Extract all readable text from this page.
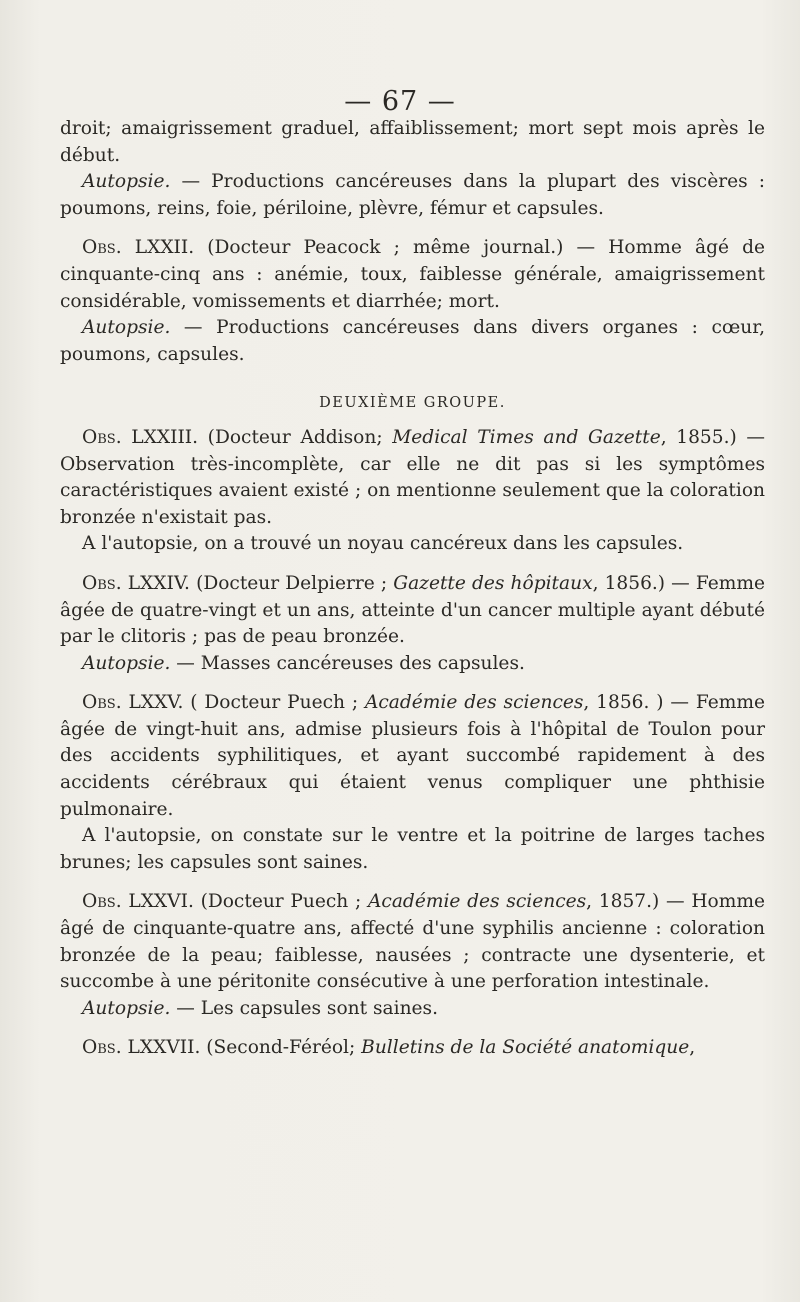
— 67 —

droit; amaigrissement graduel, affaiblissement; mort sept mois après le début.

Autopsie. — Productions cancéreuses dans la plupart des viscères : poumons, reins, foie, périloine, plèvre, fémur et capsules.

Obs. LXXII. (Docteur Peacock ; même journal.) — Homme âgé de cinquante-cinq ans : anémie, toux, faiblesse générale, amaigrissement considérable, vomissements et diarrhée; mort.

Autopsie. — Productions cancéreuses dans divers organes : cœur, poumons, capsules.

DEUXIÈME GROUPE.

Obs. LXXIII. (Docteur Addison; Medical Times and Gazette, 1855.) — Observation très-incomplète, car elle ne dit pas si les symptômes caractéristiques avaient existé ; on mentionne seulement que la coloration bronzée n'existait pas.

A l'autopsie, on a trouvé un noyau cancéreux dans les capsules.

Obs. LXXIV. (Docteur Delpierre ; Gazette des hôpitaux, 1856.) — Femme âgée de quatre-vingt et un ans, atteinte d'un cancer multiple ayant débuté par le clitoris ; pas de peau bronzée.

Autopsie. — Masses cancéreuses des capsules.

Obs. LXXV. ( Docteur Puech ; Académie des sciences, 1856. ) — Femme âgée de vingt-huit ans, admise plusieurs fois à l'hôpital de Toulon pour des accidents syphilitiques, et ayant succombé rapidement à des accidents cérébraux qui étaient venus compliquer une phthisie pulmonaire.

A l'autopsie, on constate sur le ventre et la poitrine de larges taches brunes; les capsules sont saines.

Obs. LXXVI. (Docteur Puech ; Académie des sciences, 1857.) — Homme âgé de cinquante-quatre ans, affecté d'une syphilis ancienne : coloration bronzée de la peau; faiblesse, nausées ; contracte une dysenterie, et succombe à une péritonite consécutive à une perforation intestinale.

Autopsie. — Les capsules sont saines.

Obs. LXXVII. (Second-Féréol; Bulletins de la Société anatomique,
